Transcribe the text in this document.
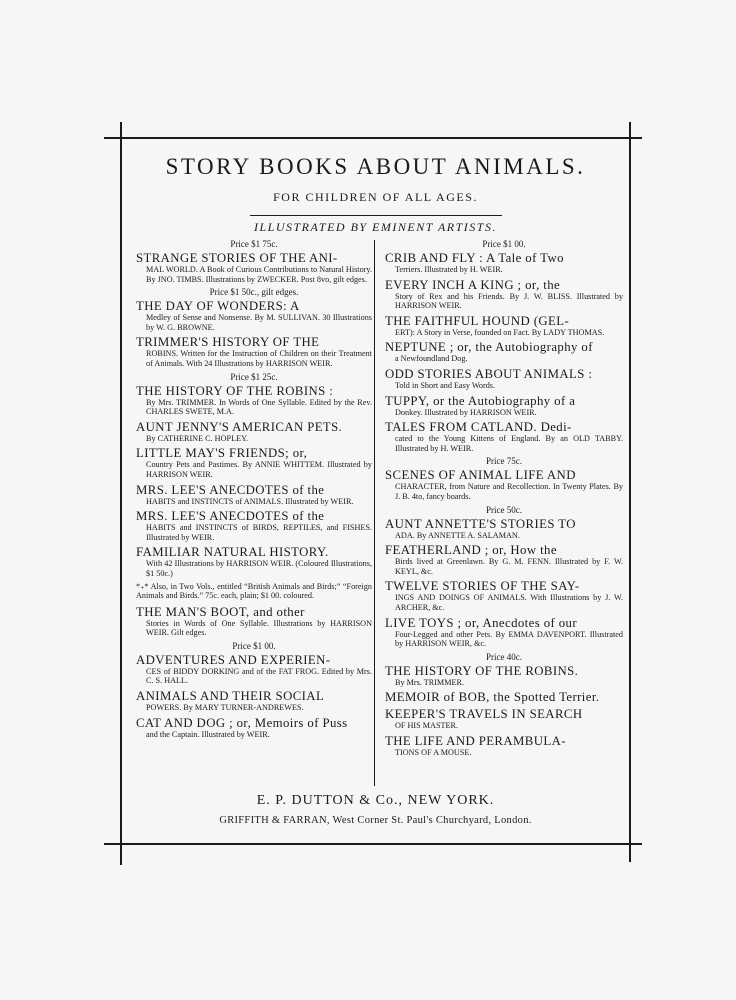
STORY BOOKS ABOUT ANIMALS.
FOR CHILDREN OF ALL AGES.
ILLUSTRATED BY EMINENT ARTISTS.
Price $1 75c.

STRANGE STORIES OF THE ANI-

MAL WORLD. A Book of Curious Contributions to Natural History. By JNO. TIMBS. Illustrations by ZWECKER. Post 8vo, gilt edges.

Price $1 50c., gilt edges.

THE DAY OF WONDERS: A

Medley of Sense and Nonsense. By M. SULLIVAN. 30 Illustrations by W. G. BROWNE.

TRIMMER'S HISTORY OF THE

ROBINS. Written for the Instruction of Children on their Treatment of Animals. With 24 Illustrations by HARRISON WEIR.

Price $1 25c.

THE HISTORY OF THE ROBINS :

By Mrs. TRIMMER. In Words of One Syllable. Edited by the Rev. CHARLES SWETE, M.A.

AUNT JENNY'S AMERICAN PETS.

By CATHERINE C. HOPLEY.

LITTLE MAY'S FRIENDS; or,

Country Pets and Pastimes. By ANNIE WHITTEM. Illustrated by HARRISON WEIR.

MRS. LEE'S ANECDOTES of the

HABITS and INSTINCTS of ANIMALS. Illustrated by WEIR.

MRS. LEE'S ANECDOTES of the

HABITS and INSTINCTS of BIRDS, REPTILES, and FISHES. Illustrated by WEIR.

FAMILIAR NATURAL HISTORY.

With 42 Illustrations by HARRISON WEIR. (Coloured Illustrations, $1 50c.)

*₊* Also, in Two Vols., entitled “British Animals and Birds;” “Foreign Animals and Birds.” 75c. each, plain; $1 00. coloured.

THE MAN'S BOOT, and other

Stories in Words of One Syllable. Illustrations by HARRISON WEIR. Gilt edges.

Price $1 00.

ADVENTURES AND EXPERIEN-

CES of BIDDY DORKING and of the FAT FROG. Edited by Mrs. C. S. HALL.

ANIMALS AND THEIR SOCIAL

POWERS. By MARY TURNER-ANDREWES.

CAT AND DOG ; or, Memoirs of Puss

and the Captain. Illustrated by WEIR.

Price $1 00.

CRIB AND FLY : A Tale of Two

Terriers. Illustrated by H. WEIR.

EVERY INCH A KING ; or, the

Story of Rex and his Friends. By J. W. BLISS. Illustrated by HARRISON WEIR.

THE FAITHFUL HOUND (GEL-

ERT): A Story in Verse, founded on Fact. By LADY THOMAS.

NEPTUNE ; or, the Autobiography of

a Newfoundland Dog.

ODD STORIES ABOUT ANIMALS :

Told in Short and Easy Words.

TUPPY, or the Autobiography of a

Donkey. Illustrated by HARRISON WEIR.

TALES FROM CATLAND. Dedi-

cated to the Young Kittens of England. By an OLD TABBY. Illustrated by H. WEIR.

Price 75c.

SCENES OF ANIMAL LIFE AND

CHARACTER, from Nature and Recollection. In Twenty Plates. By J. B. 4to, fancy boards.

Price 50c.

AUNT ANNETTE'S STORIES TO

ADA. By ANNETTE A. SALAMAN.

FEATHERLAND ; or, How the

Birds lived at Greenlawn. By G. M. FENN. Illustrated by F. W. KEYL, &c.

TWELVE STORIES OF THE SAY-

INGS AND DOINGS OF ANIMALS. With Illustrations by J. W. ARCHER, &c.

LIVE TOYS ; or, Anecdotes of our

Four-Legged and other Pets. By EMMA DAVENPORT. Illustrated by HARRISON WEIR, &c.

Price 40c.

THE HISTORY OF THE ROBINS.

By Mrs. TRIMMER.

MEMOIR of BOB, the Spotted Terrier.

KEEPER'S TRAVELS IN SEARCH

OF HIS MASTER.

THE LIFE AND PERAMBULA-

TIONS OF A MOUSE.

E. P. DUTTON & Co., NEW YORK.
GRIFFITH & FARRAN, West Corner St. Paul's Churchyard, London.
